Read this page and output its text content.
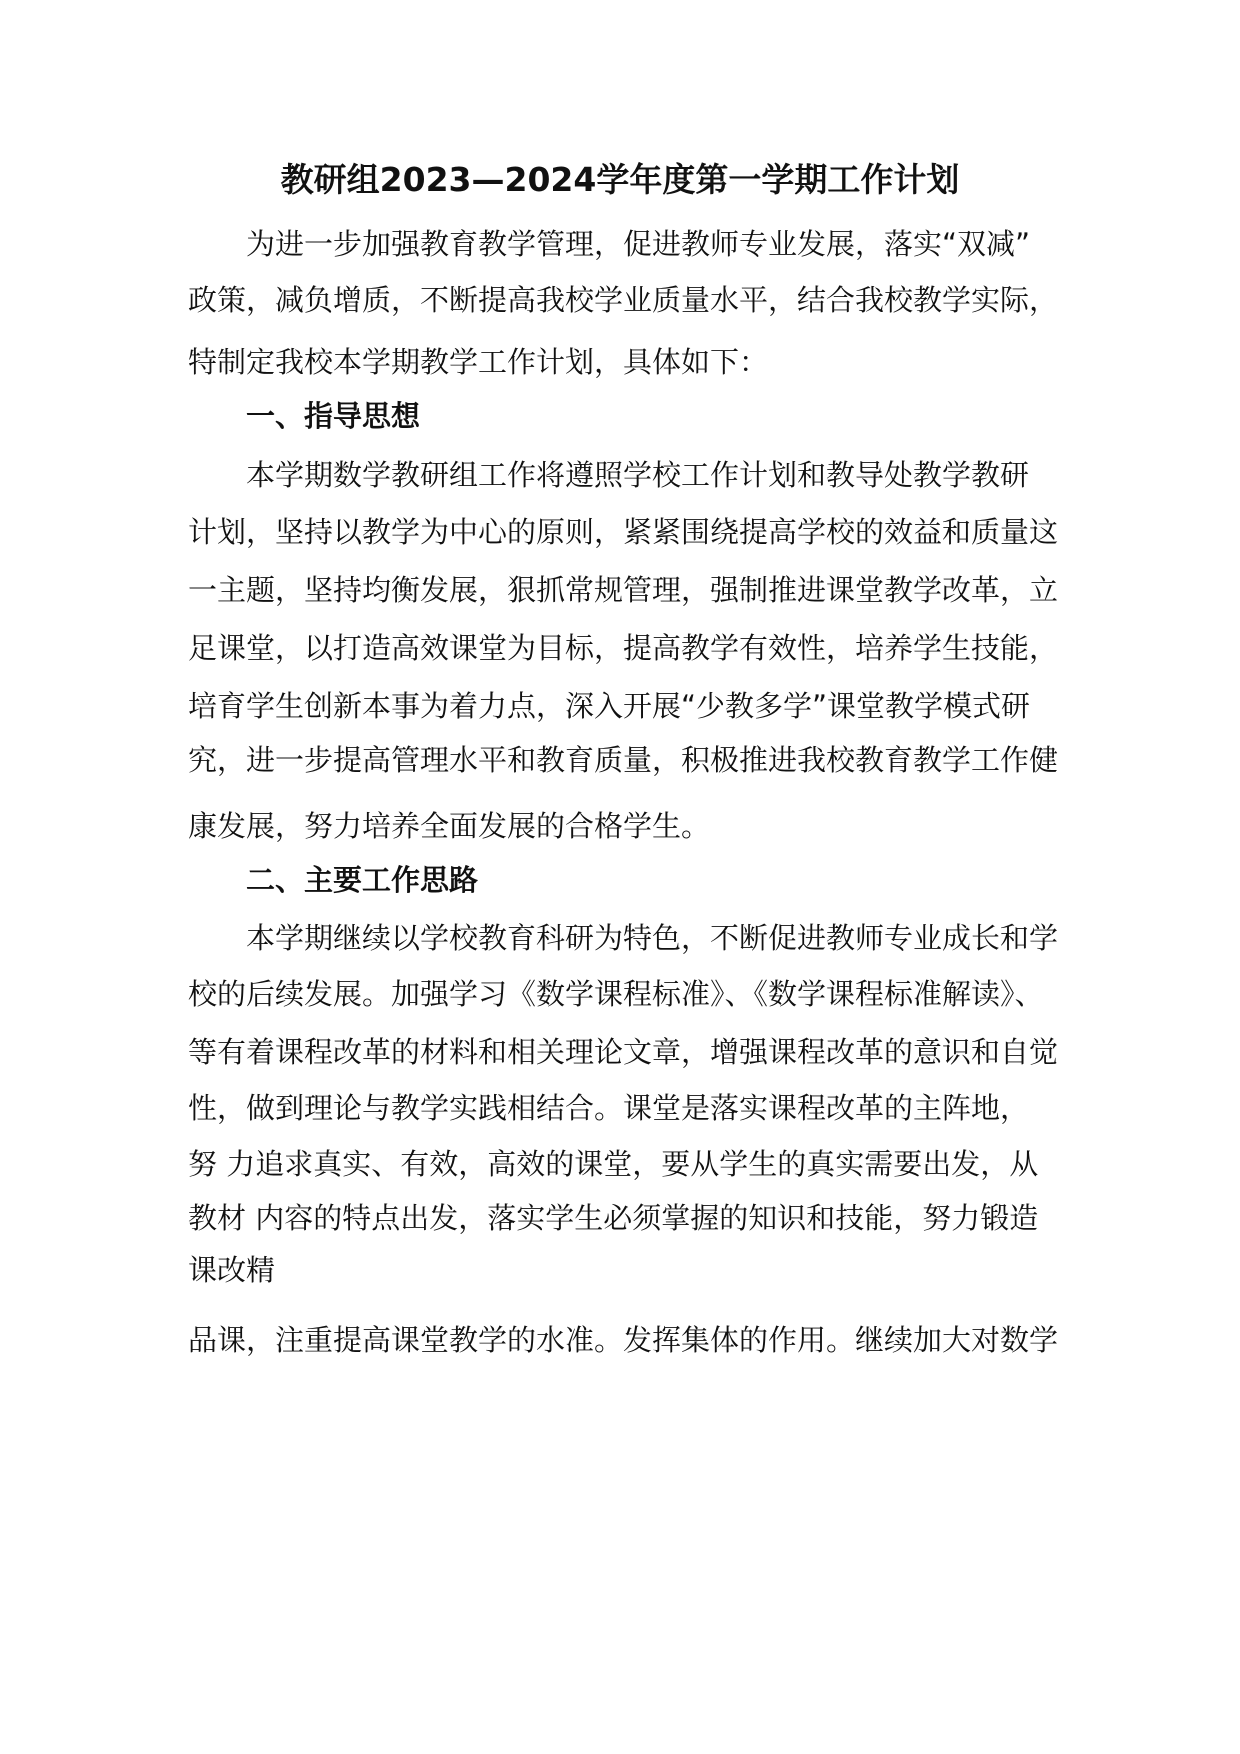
教研组2023—2024学年度第一学期工作计划
为进一步加强教育教学管理，促进教师专业发展，落实“双减”
政策，减负增质，不断提高我校学业质量水平，结合我校教学实际，
特制定我校本学期教学工作计划，具体如下：
一、指导思想
本学期数学教研组工作将遵照学校工作计划和教导处教学教研
计划，坚持以教学为中心的原则，紧紧围绕提高学校的效益和质量这
一主题，坚持均衡发展，狠抓常规管理，强制推进课堂教学改革，立
足课堂，以打造高效课堂为目标，提高教学有效性，培养学生技能，
培育学生创新本事为着力点，深入开展“少教多学”课堂教学模式研
究，进一步提高管理水平和教育质量，积极推进我校教育教学工作健
康发展，努力培养全面发展的合格学生。
二、主要工作思路
本学期继续以学校教育科研为特色，不断促进教师专业成长和学
校的后续发展。加强学习《数学课程标准》、《数学课程标准解读》、
等有着课程改革的材料和相关理论文章，增强课程改革的意识和自觉
性，做到理论与教学实践相结合。课堂是落实课程改革的主阵地，
努 力追求真实、有效，高效的课堂，要从学生的真实需要出发，从
教材 内容的特点出发，落实学生必须掌握的知识和技能，努力锻造
课改精
品课，注重提高课堂教学的水准。发挥集体的作用。继续加大对数学
